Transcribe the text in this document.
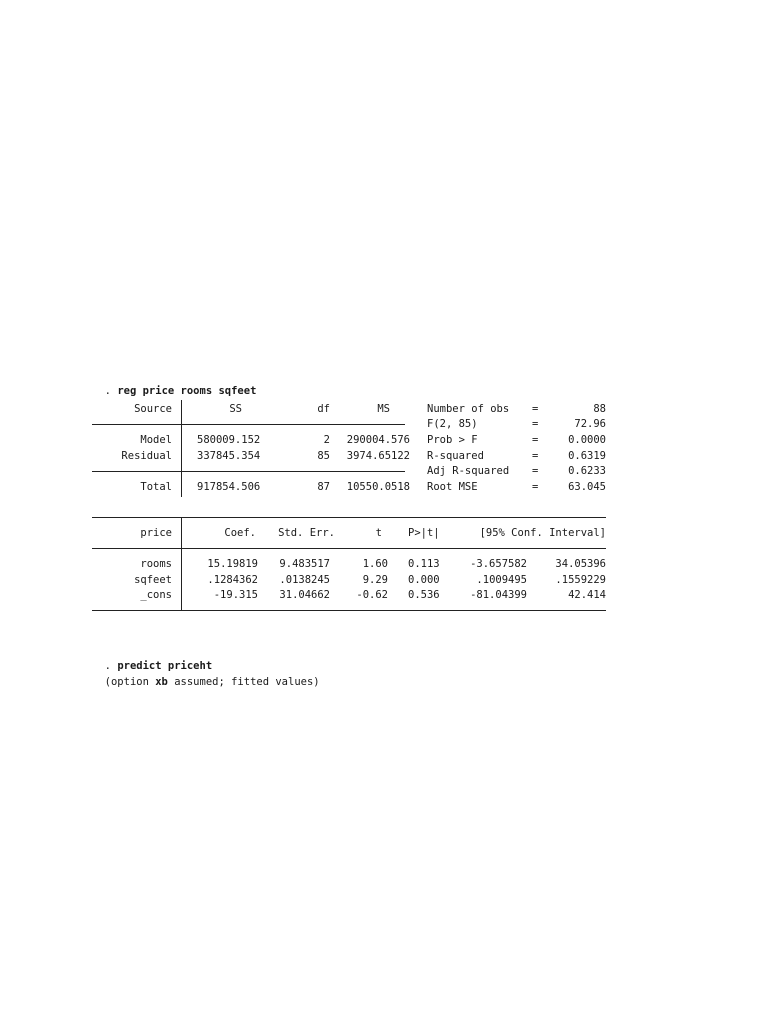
. reg price rooms sqfeet

Source	SS	df	MS
Model 580009.152	2	290004.576
Residual 337845.354	85	3974.65122
Total 917854.506	87	10550.0518
Number of obs =	88
F(2, 85)	=	72.96
Prob > F	=	0.0000
R-squared	=	0.6319
Adj R-squared =	0.6233
Root MSE	=	63.045
price	Coef.	Std. Err.	t P>|t|	[95% Conf. Interval]
rooms	15.19819	9.483517	1.60 0.113	-3.657582	34.05396
sqfeet	.1284362	.0138245	9.29 0.000	.1009495	.1559229
_cons	-19.315	31.04662	-0.62 0.536	-81.04399	42.414

. predict priceht

(option xb assumed; fitted values)
